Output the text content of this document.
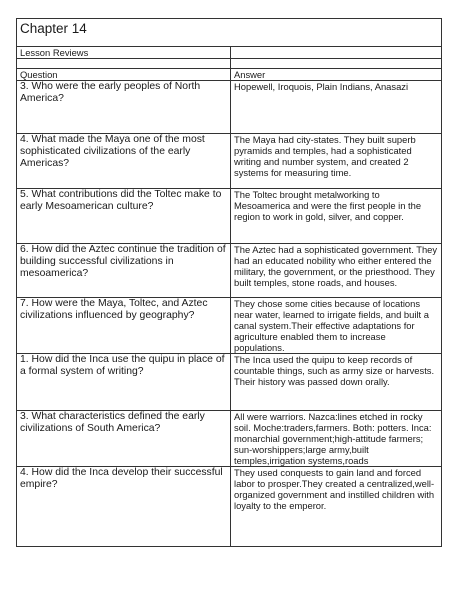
Chapter 14	
Lesson Reviews	

Question	Answer

3. Who were the early peoples of North America?	Hopewell, Iroquois, Plain Indians, Anasazi

4. What made the Maya one of the most sophisticated civilizations of the early Americas?	The Maya had city-states. They built superb pyramids and temples, had a sophisticated writing and number system, and created 2 systems for measuring time.

5. What contributions did the Toltec make to early Mesoamerican culture?	The Toltec brought metalworking to Mesoamerica and were the first people in the region to work in gold, silver, and copper.

6. How did the Aztec continue the tradition of building successful civilizations in mesoamerica?	The Aztec had a sophisticated government. They had an educated nobility who either entered the military, the government, or the priesthood. They built temples, stone roads, and houses.

7. How were the Maya, Toltec, and Aztec civilizations influenced by geography?	They chose some cities because of locations near water, learned to irrigate fields, and built a canal system.Their effective adaptations for agriculture enabled them to increase populations.

1. How did the Inca use the quipu in place of a formal system of writing?	The Inca used the quipu to keep records of countable things, such as army size or harvests. Their history was passed down orally.

3. What characteristics defined the early civilizations of South America?	All were warriors. Nazca:lines etched in rocky soil. Moche:traders,farmers. Both: potters. Inca: monarchial government;high-attitude farmers; sun-worshippers;large army,built temples,irrigation systems,roads

4. How did the Inca develop their successful empire?	They used conquests to gain land and forced labor to prosper.They created a centralized,well-organized government and instilled children with loyalty to the emperor.
